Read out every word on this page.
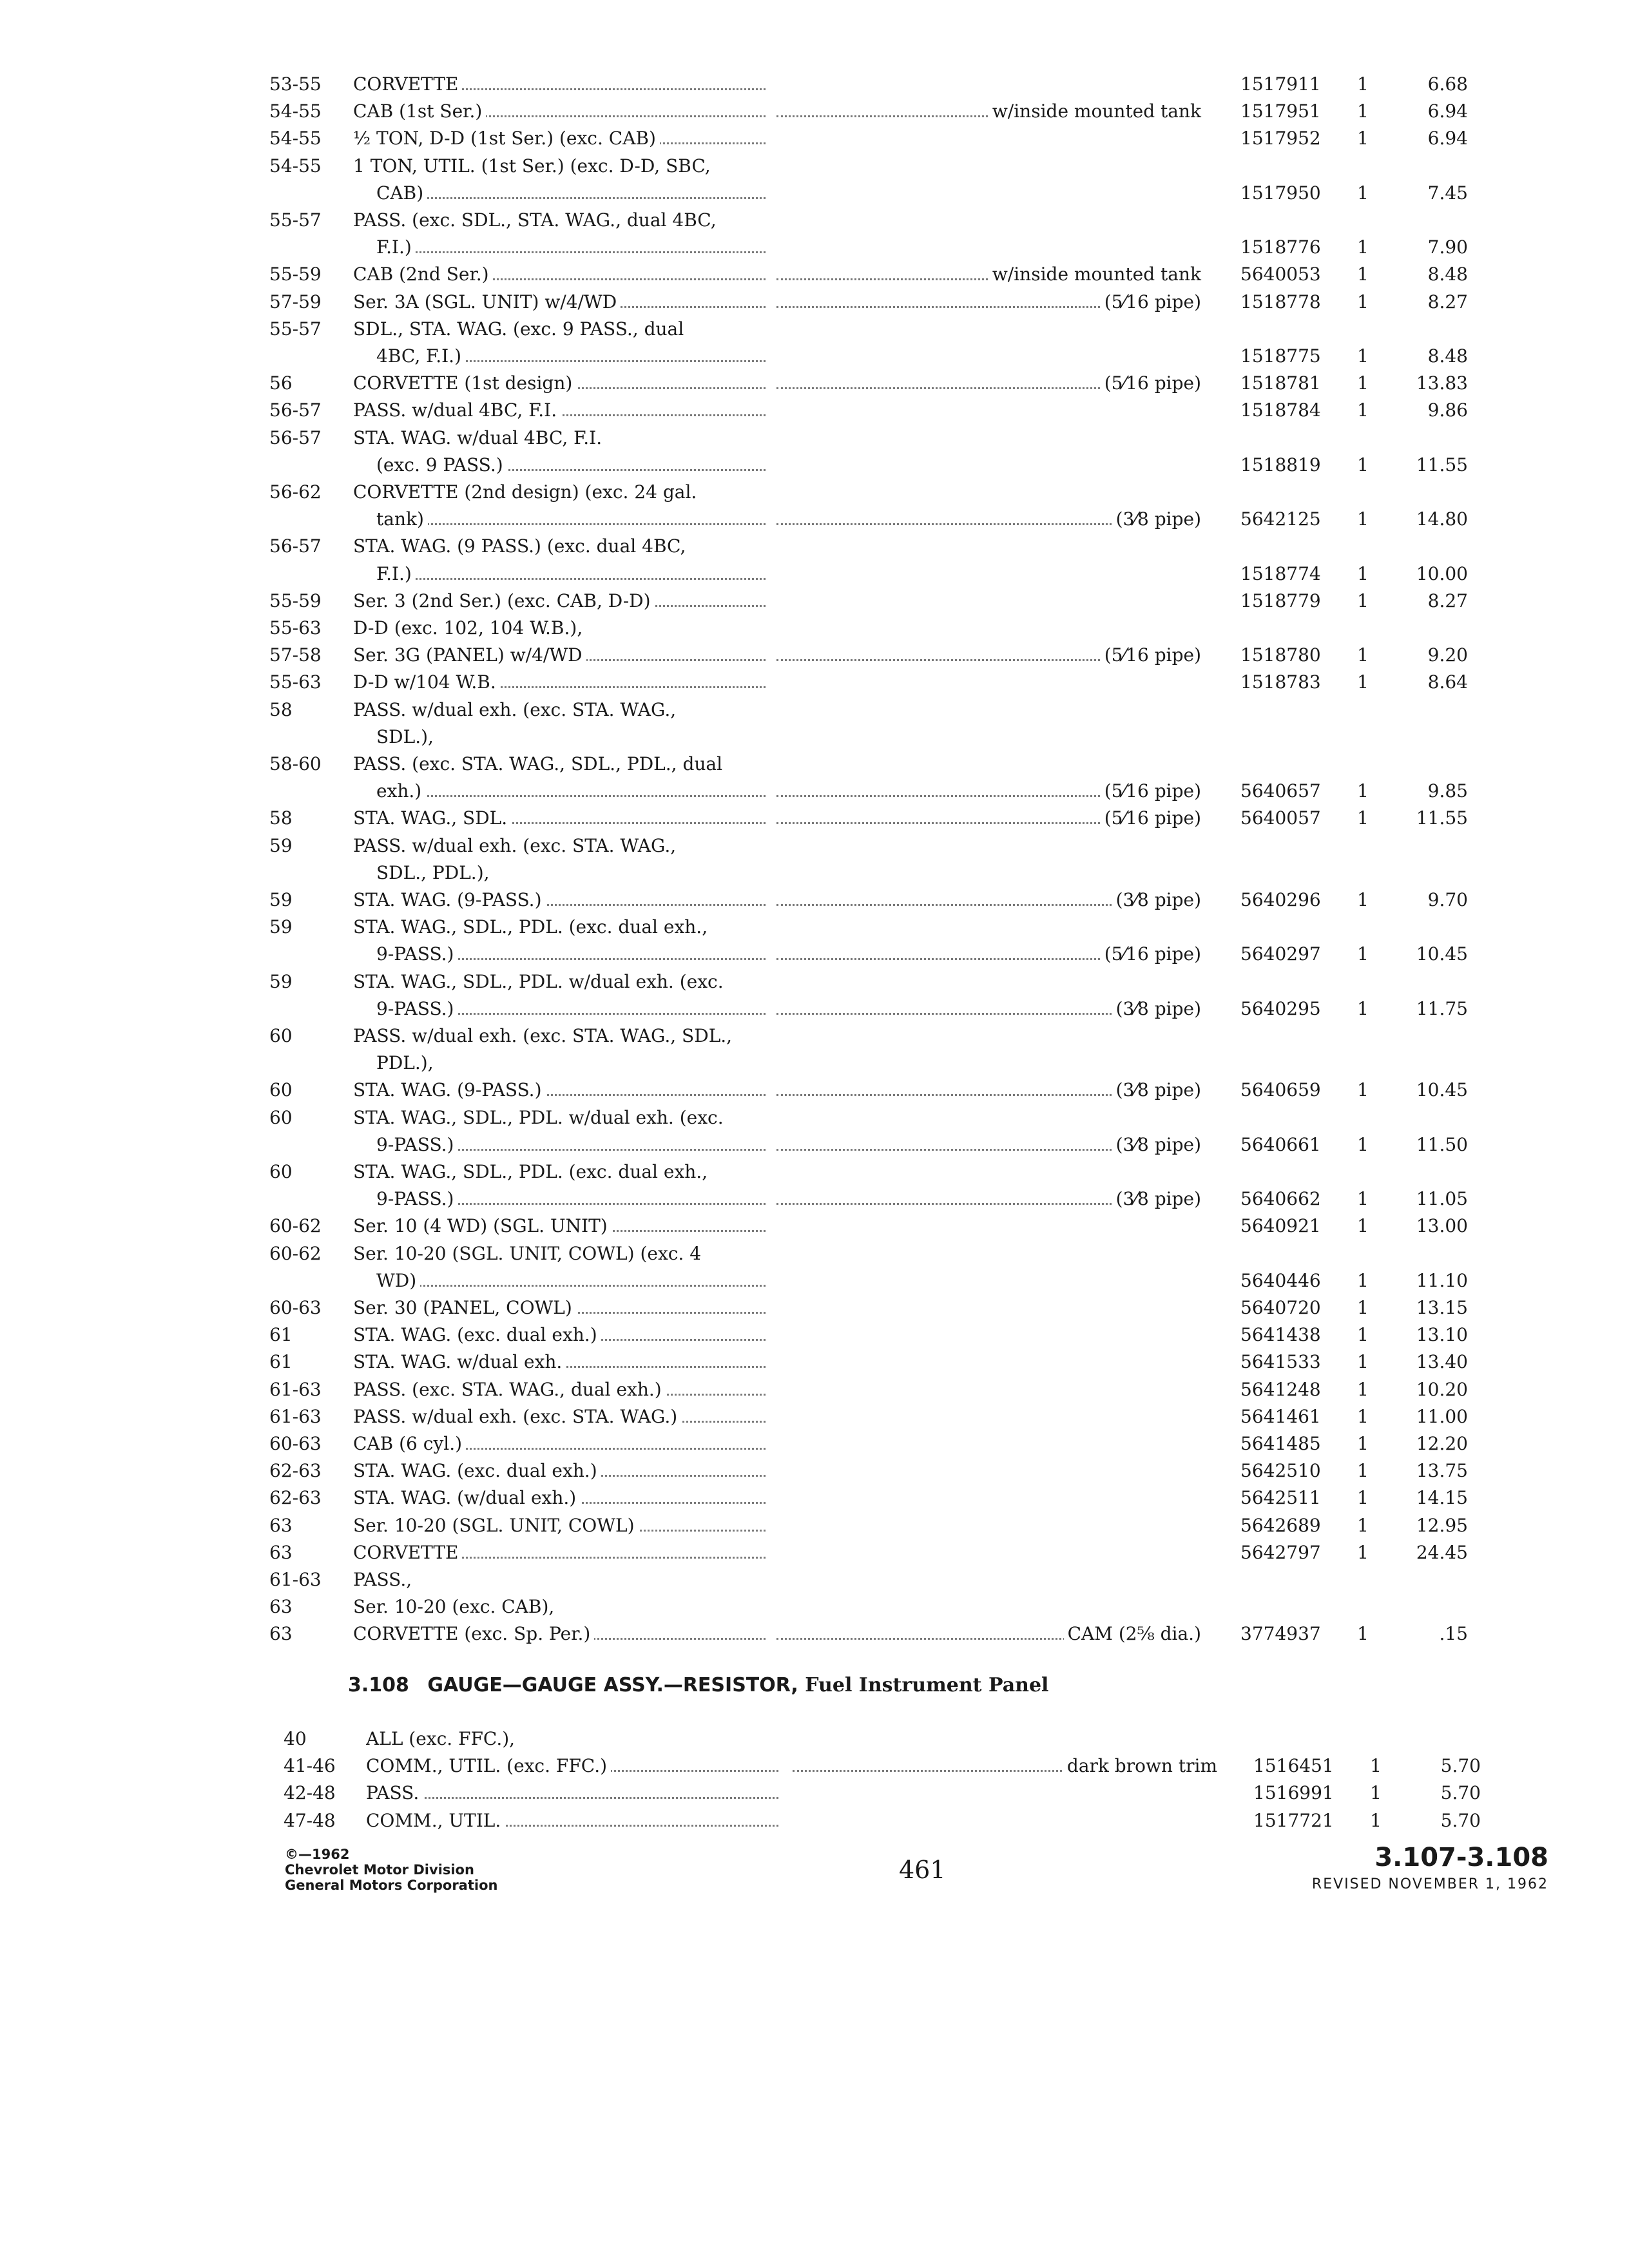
53-55	CORVETTE	1517911	1	6.68
54-55	CAB (1st Ser.)	w/inside mounted tank 1517951	1	6.94
54-55	½ TON, D-D (1st Ser.) (exc. CAB)	1517952	1	6.94
54-55	1 TON, UTIL. (1st Ser.) (exc. D-D, SBC,
CAB)	1517950	1	7.45
55-57	PASS. (exc. SDL., STA. WAG., dual 4BC,
F.I.)	1518776	1	7.90
55-59	CAB (2nd Ser.)	w/inside mounted tank 5640053	1	8.48
57-59	Ser. 3A (SGL. UNIT) w/4/WD	(5⁄16 pipe) 1518778	1	8.27
55-57	SDL., STA. WAG. (exc. 9 PASS., dual
4BC, F.I.)	1518775	1	8.48
56	CORVETTE (1st design)	(5⁄16 pipe) 1518781	1	13.83
56-57	PASS. w/dual 4BC, F.I.	1518784	1	9.86
56-57	STA. WAG. w/dual 4BC, F.I.
(exc. 9 PASS.)	1518819	1	11.55
56-62	CORVETTE (2nd design) (exc. 24 gal.
tank)	(3⁄8 pipe) 5642125	1	14.80
56-57	STA. WAG. (9 PASS.) (exc. dual 4BC,
F.I.)	1518774	1	10.00
55-59	Ser. 3 (2nd Ser.) (exc. CAB, D-D)	1518779	1	8.27
55-63	D-D (exc. 102, 104 W.B.),
57-58	Ser. 3G (PANEL) w/4/WD	(5⁄16 pipe) 1518780	1	9.20
55-63	D-D w/104 W.B.	1518783	1	8.64
58	PASS. w/dual exh. (exc. STA. WAG.,
SDL.),
58-60	PASS. (exc. STA. WAG., SDL., PDL., dual
exh.)	(5⁄16 pipe) 5640657	1	9.85
58	STA. WAG., SDL.	(5⁄16 pipe) 5640057	1	11.55
59	PASS. w/dual exh. (exc. STA. WAG.,
SDL., PDL.),
59	STA. WAG. (9-PASS.)	(3⁄8 pipe) 5640296	1	9.70
59	STA. WAG., SDL., PDL. (exc. dual exh.,
9-PASS.)	(5⁄16 pipe) 5640297	1	10.45
59	STA. WAG., SDL., PDL. w/dual exh. (exc.
9-PASS.)	(3⁄8 pipe) 5640295	1	11.75
60	PASS. w/dual exh. (exc. STA. WAG., SDL.,
PDL.),
60	STA. WAG. (9-PASS.)	(3⁄8 pipe) 5640659	1	10.45
60	STA. WAG., SDL., PDL. w/dual exh. (exc.
9-PASS.)	(3⁄8 pipe) 5640661	1	11.50
60	STA. WAG., SDL., PDL. (exc. dual exh.,
9-PASS.)	(3⁄8 pipe) 5640662	1	11.05
60-62	Ser. 10 (4 WD) (SGL. UNIT)	5640921	1	13.00
60-62	Ser. 10-20 (SGL. UNIT, COWL) (exc. 4
WD)	5640446	1	11.10
60-63	Ser. 30 (PANEL, COWL)	5640720	1	13.15
61	STA. WAG. (exc. dual exh.)	5641438	1	13.10
61	STA. WAG. w/dual exh.	5641533	1	13.40
61-63	PASS. (exc. STA. WAG., dual exh.)	5641248	1	10.20
61-63	PASS. w/dual exh. (exc. STA. WAG.)	5641461	1	11.00
60-63	CAB (6 cyl.)	5641485	1	12.20
62-63	STA. WAG. (exc. dual exh.)	5642510	1	13.75
62-63	STA. WAG. (w/dual exh.)	5642511	1	14.15
63	Ser. 10-20 (SGL. UNIT, COWL)	5642689	1	12.95
63	CORVETTE	5642797	1	24.45
61-63	PASS.,
63	Ser. 10-20 (exc. CAB),
63	CORVETTE (exc. Sp. Per.)	CAM (2⅝ dia.) 3774937	1	.15
3.108 GAUGE—GAUGE ASSY.—RESISTOR, Fuel Instrument Panel
40	ALL (exc. FFC.),
41-46	COMM., UTIL. (exc. FFC.)	dark brown trim 1516451	1	5.70
42-48	PASS.	1516991	1	5.70
47-48	COMM., UTIL.	1517721	1	5.70
©—1962
Chevrolet Motor Division
General Motors Corporation
461	3.107-3.108
REVISED NOVEMBER 1, 1962
